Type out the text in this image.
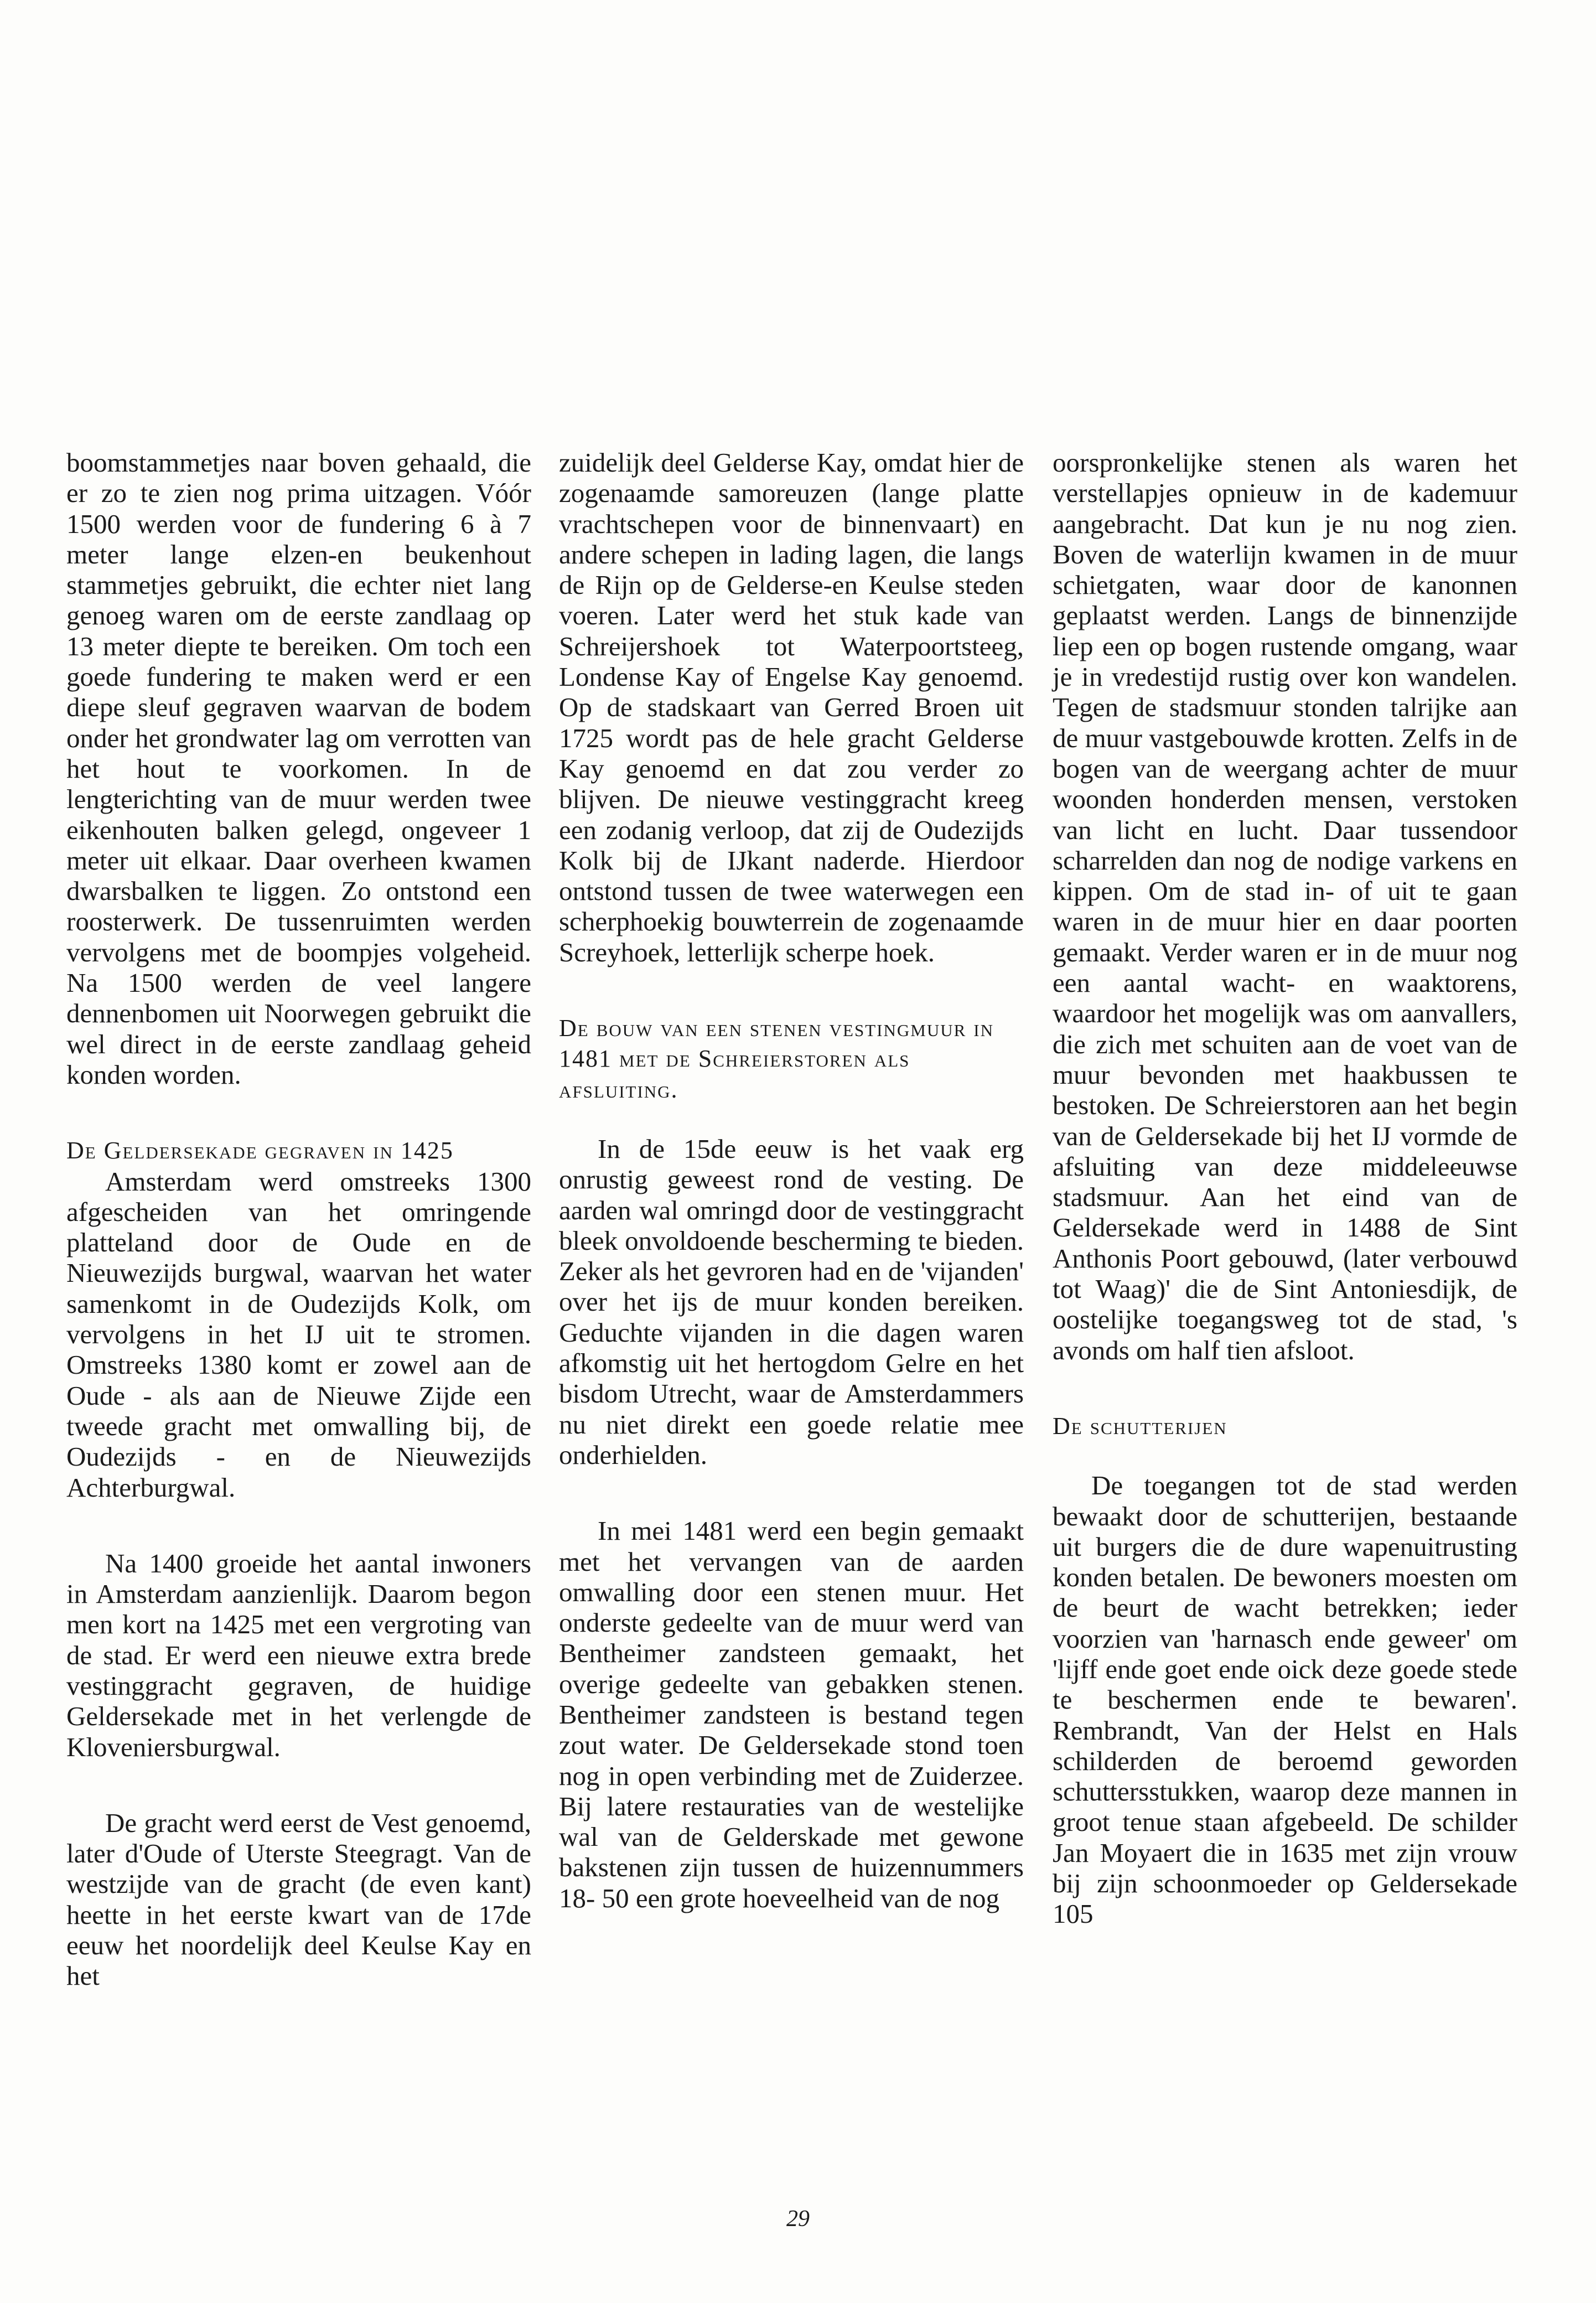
boomstammetjes naar boven gehaald, die er zo te zien nog prima uitzagen. Vóór 1500 werden voor de fundering 6 à 7 meter lange elzen-en beukenhout stammetjes gebruikt, die echter niet lang genoeg waren om de eerste zandlaag op 13 meter diepte te bereiken. Om toch een goede fundering te maken werd er een diepe sleuf gegraven waarvan de bodem onder het grondwater lag om verrotten van het hout te voorkomen. In de lengterichting van de muur werden twee eikenhouten balken gelegd, ongeveer 1 meter uit elkaar. Daar overheen kwamen dwarsbalken te liggen. Zo ontstond een roosterwerk. De tussenruimten werden vervolgens met de boompjes volgeheid. Na 1500 werden de veel langere dennenbomen uit Noorwegen gebruikt die wel direct in de eerste zandlaag geheid konden worden.

De Geldersekade gegraven in 1425

Amsterdam werd omstreeks 1300 afgescheiden van het omringende platteland door de Oude en de Nieuwezijds burgwal, waarvan het water samenkomt in de Oudezijds Kolk, om vervolgens in het IJ uit te stromen. Omstreeks 1380 komt er zowel aan de Oude - als aan de Nieuwe Zijde een tweede gracht met omwalling bij, de Oudezijds - en de Nieuwezijds Achterburgwal.

Na 1400 groeide het aantal inwoners in Amsterdam aanzienlijk. Daarom begon men kort na 1425 met een vergroting van de stad. Er werd een nieuwe extra brede vestinggracht gegraven, de huidige Geldersekade met in het verlengde de Kloveniersburgwal.

De gracht werd eerst de Vest genoemd, later d'Oude of Uterste Steegragt. Van de westzijde van de gracht (de even kant) heette in het eerste kwart van de 17de eeuw het noordelijk deel Keulse Kay en het

zuidelijk deel Gelderse Kay, omdat hier de zogenaamde samoreuzen (lange platte vrachtschepen voor de binnenvaart) en andere schepen in lading lagen, die langs de Rijn op de Gelderse-en Keulse steden voeren. Later werd het stuk kade van Schreijershoek tot Waterpoortsteeg, Londense Kay of Engelse Kay genoemd. Op de stadskaart van Gerred Broen uit 1725 wordt pas de hele gracht Gelderse Kay genoemd en dat zou verder zo blijven. De nieuwe vestinggracht kreeg een zodanig verloop, dat zij de Oudezijds Kolk bij de IJkant naderde. Hierdoor ontstond tussen de twee waterwegen een scherphoekig bouwterrein de zogenaamde Screyhoek, letterlijk scherpe hoek.

De bouw van een stenen vestingmuur in 1481 met de Schreierstoren als afsluiting.

In de 15de eeuw is het vaak erg onrustig geweest rond de vesting. De aarden wal omringd door de vestinggracht bleek onvoldoende bescherming te bieden. Zeker als het gevroren had en de 'vijanden' over het ijs de muur konden bereiken. Geduchte vijanden in die dagen waren afkomstig uit het hertogdom Gelre en het bisdom Utrecht, waar de Amsterdammers nu niet direkt een goede relatie mee onderhielden.

In mei 1481 werd een begin gemaakt met het vervangen van de aarden omwalling door een stenen muur. Het onderste gedeelte van de muur werd van Bentheimer zandsteen gemaakt, het overige gedeelte van gebakken stenen. Bentheimer zandsteen is bestand tegen zout water. De Geldersekade stond toen nog in open verbinding met de Zuiderzee. Bij latere restauraties van de westelijke wal van de Gelderskade met gewone bakstenen zijn tussen de huizennummers 18- 50 een grote hoeveelheid van de nog

oorspronkelijke stenen als waren het verstellapjes opnieuw in de kademuur aangebracht. Dat kun je nu nog zien. Boven de waterlijn kwamen in de muur schietgaten, waar door de kanonnen geplaatst werden. Langs de binnenzijde liep een op bogen rustende omgang, waar je in vredestijd rustig over kon wandelen. Tegen de stadsmuur stonden talrijke aan de muur vastgebouwde krotten. Zelfs in de bogen van de weergang achter de muur woonden honderden mensen, verstoken van licht en lucht. Daar tussendoor scharrelden dan nog de nodige varkens en kippen. Om de stad in- of uit te gaan waren in de muur hier en daar poorten gemaakt. Verder waren er in de muur nog een aantal wacht- en waaktorens, waardoor het mogelijk was om aanvallers, die zich met schuiten aan de voet van de muur bevonden met haakbussen te bestoken. De Schreierstoren aan het begin van de Geldersekade bij het IJ vormde de afsluiting van deze middeleeuwse stadsmuur. Aan het eind van de Geldersekade werd in 1488 de Sint Anthonis Poort gebouwd, (later verbouwd tot Waag)' die de Sint Antoniesdijk, de oostelijke toegangsweg tot de stad, 's avonds om half tien afsloot.

De schutterijen

De toegangen tot de stad werden bewaakt door de schutterijen, bestaande uit burgers die de dure wapenuitrusting konden betalen. De bewoners moesten om de beurt de wacht betrekken; ieder voorzien van 'harnasch ende geweer' om 'lijff ende goet ende oick deze goede stede te beschermen ende te bewaren'. Rembrandt, Van der Helst en Hals schilderden de beroemd geworden schuttersstukken, waarop deze mannen in groot tenue staan afgebeeld. De schilder Jan Moyaert die in 1635 met zijn vrouw bij zijn schoonmoeder op Geldersekade 105

29
